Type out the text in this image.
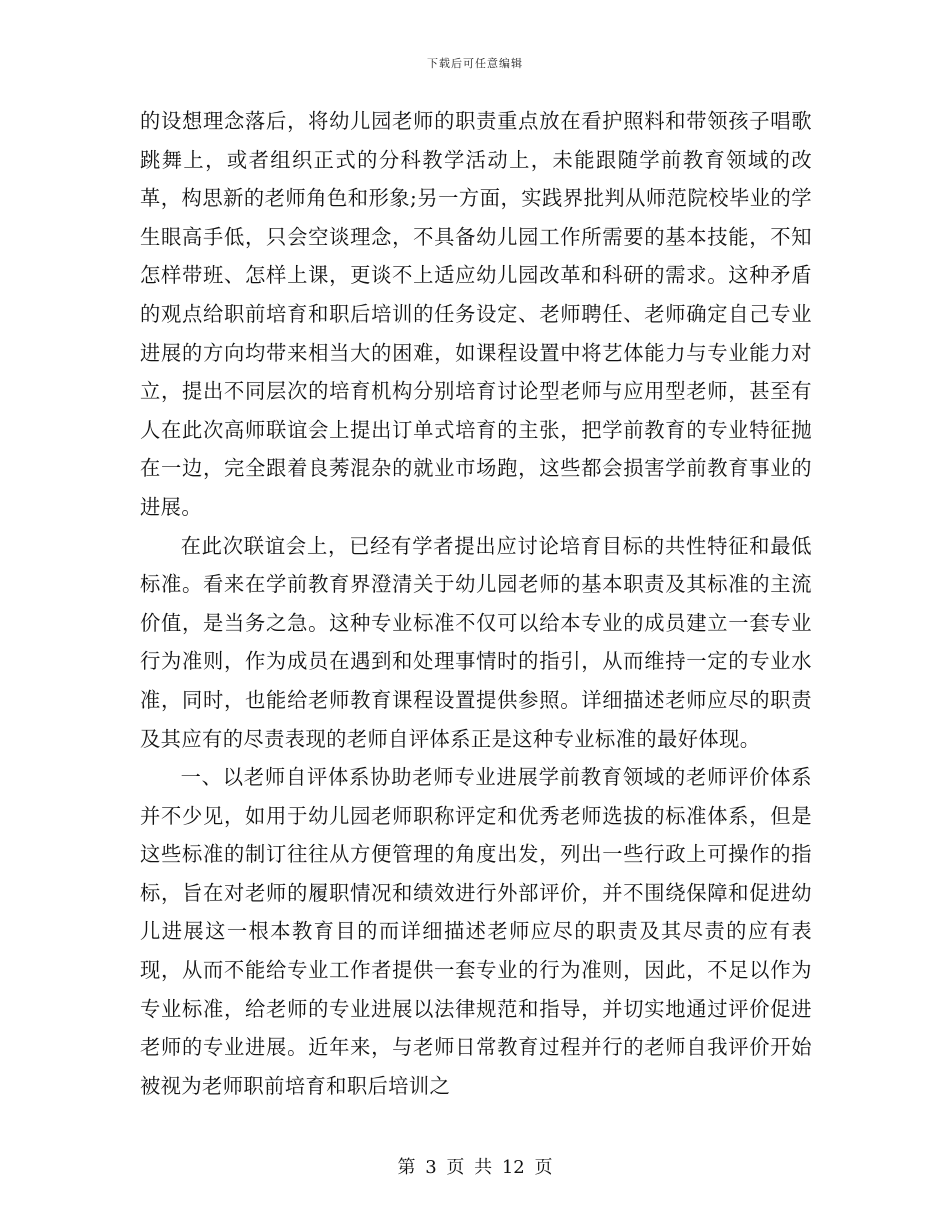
下载后可任意编辑

的设想理念落后，将幼儿园老师的职责重点放在看护照料和带领孩子唱歌跳舞上，或者组织正式的分科教学活动上，未能跟随学前教育领域的改革，构思新的老师角色和形象;另一方面，实践界批判从师范院校毕业的学生眼高手低，只会空谈理念，不具备幼儿园工作所需要的基本技能，不知怎样带班、怎样上课，更谈不上适应幼儿园改革和科研的需求。这种矛盾的观点给职前培育和职后培训的任务设定、老师聘任、老师确定自己专业进展的方向均带来相当大的困难，如课程设置中将艺体能力与专业能力对立，提出不同层次的培育机构分别培育讨论型老师与应用型老师，甚至有人在此次高师联谊会上提出订单式培育的主张，把学前教育的专业特征抛在一边，完全跟着良莠混杂的就业市场跑，这些都会损害学前教育事业的进展。

在此次联谊会上，已经有学者提出应讨论培育目标的共性特征和最低标准。看来在学前教育界澄清关于幼儿园老师的基本职责及其标准的主流价值，是当务之急。这种专业标准不仅可以给本专业的成员建立一套专业行为准则，作为成员在遇到和处理事情时的指引，从而维持一定的专业水准，同时，也能给老师教育课程设置提供参照。详细描述老师应尽的职责及其应有的尽责表现的老师自评体系正是这种专业标准的最好体现。

一、以老师自评体系协助老师专业进展学前教育领域的老师评价体系并不少见，如用于幼儿园老师职称评定和优秀老师选拔的标准体系，但是这些标准的制订往往从方便管理的角度出发，列出一些行政上可操作的指标，旨在对老师的履职情况和绩效进行外部评价，并不围绕保障和促进幼儿进展这一根本教育目的而详细描述老师应尽的职责及其尽责的应有表现，从而不能给专业工作者提供一套专业的行为准则，因此，不足以作为专业标准，给老师的专业进展以法律规范和指导，并切实地通过评价促进老师的专业进展。近年来，与老师日常教育过程并行的老师自我评价开始被视为老师职前培育和职后培训之

第 3 页 共 12 页
